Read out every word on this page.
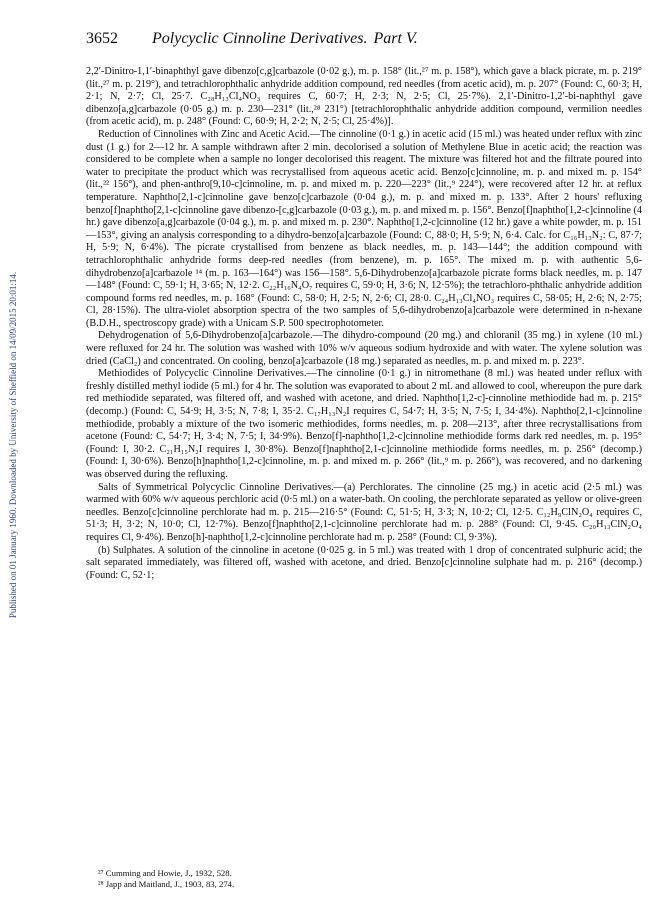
3652 Polycyclic Cinnoline Derivatives. Part V.
Published on 01 January 1960. Downloaded by University of Sheffield on 14/09/2015 20:01:14.

2,2′-Dinitro-1,1′-binaphthyl gave dibenzo[c,g]carbazole (0·02 g.), m. p. 158° (lit.,²⁷ m. p. 158°), which gave a black picrate, m. p. 219° (lit.,²⁷ m. p. 219°), and tetrachlorophthalic anhydride addition compound, red needles (from acetic acid), m. p. 207° (Found: C, 60·3; H, 2·1; N, 2·7; Cl, 25·7. C₂₈H₁₃Cl₄NO₃ requires C, 60·7; H, 2·3; N, 2·5; Cl, 25·7%). 2,1′-Dinitro-1,2′-bi-naphthyl gave dibenzo[a,g]carbazole (0·05 g.) m. p. 230—231° (lit.,²⁸ 231°) [tetrachlorophthalic anhydride addition compound, vermilion needles (from acetic acid), m. p. 248° (Found: C, 60·9; H, 2·2; N, 2·5; Cl, 25·4%)].

Reduction of Cinnolines with Zinc and Acetic Acid.—The cinnoline (0·1 g.) in acetic acid (15 ml.) was heated under reflux with zinc dust (1 g.) for 2—12 hr. A sample withdrawn after 2 min. decolorised a solution of Methylene Blue in acetic acid; the reaction was considered to be complete when a sample no longer decolorised this reagent. The mixture was filtered hot and the filtrate poured into water to precipitate the product which was recrystallised from aqueous acetic acid. Benzo[c]cinnoline, m. p. and mixed m. p. 154° (lit.,²² 156°), and phen-anthro[9,10-c]cinnoline, m. p. and mixed m. p. 220—223° (lit.,⁹ 224°), were recovered after 12 hr. at reflux temperature. Naphtho[2,1-c]cinnoline gave benzo[c]carbazole (0·04 g.), m. p. and mixed m. p. 133°. After 2 hours' refluxing benzo[f]naphtho[2,1-c]cinnoline gave dibenzo-[c,g]carbazole (0·03 g.), m. p. and mixed m. p. 156°. Benzo[f]naphtho[1,2-c]cinnoline (4 hr.) gave dibenzo[a,g]carbazole (0·04 g.), m. p. and mixed m. p. 230°. Naphtho[1,2-c]cinnoline (12 hr.) gave a white powder, m. p. 151—153°, giving an analysis corresponding to a dihydro-benzo[a]carbazole (Found: C, 88·0; H, 5·9; N, 6·4. Calc. for C₁₆H₁₃N₂: C, 87·7; H, 5·9; N, 6·4%). The picrate crystallised from benzene as black needles, m. p. 143—144°; the addition compound with tetrachlorophthalic anhydride forms deep-red needles (from benzene), m. p. 165°. The mixed m. p. with authentic 5,6-dihydrobenzo[a]carbazole ¹⁴ (m. p. 163—164°) was 156—158°. 5,6-Dihydrobenzo[a]carbazole picrate forms black needles, m. p. 147—148° (Found: C, 59·1; H, 3·65; N, 12·2. C₂₂H₁₆N₄O₇ requires C, 59·0; H, 3·6; N, 12·5%); the tetrachloro-phthalic anhydride addition compound forms red needles, m. p. 168° (Found: C, 58·0; H, 2·5; N, 2·6; Cl, 28·0. C₂₄H₁₃Cl₄NO₃ requires C, 58·05; H, 2·6; N, 2·75; Cl, 28·15%). The ultra-violet absorption spectra of the two samples of 5,6-dihydrobenzo[a]carbazole were determined in n-hexane (B.D.H., spectroscopy grade) with a Unicam S.P. 500 spectrophotometer.

Dehydrogenation of 5,6-Dihydrobenzo[a]carbazole.—The dihydro-compound (20 mg.) and chloranil (35 mg.) in xylene (10 ml.) were refluxed for 24 hr. The solution was washed with 10% w/v aqueous sodium hydroxide and with water. The xylene solution was dried (CaCl₂) and concentrated. On cooling, benzo[a]carbazole (18 mg.) separated as needles, m. p. and mixed m. p. 223°.

Methiodides of Polycyclic Cinnoline Derivatives.—The cinnoline (0·1 g.) in nitromethane (8 ml.) was heated under reflux with freshly distilled methyl iodide (5 ml.) for 4 hr. The solution was evaporated to about 2 ml. and allowed to cool, whereupon the pure dark red methiodide separated, was filtered off, and washed with acetone, and dried. Naphtho[1,2-c]-cinnoline methiodide had m. p. 215° (decomp.) (Found: C, 54·9; H, 3·5; N, 7·8; I, 35·2. C₁₇H₁₃N₂I requires C, 54·7; H, 3·5; N, 7·5; I, 34·4%). Naphtho[2,1-c]cinnoline methiodide, probably a mixture of the two isomeric methiodides, forms needles, m. p. 208—213°, after three recrystallisations from acetone (Found: C, 54·7; H, 3·4; N, 7·5; I, 34·9%). Benzo[f]-naphtho[1,2-c]cinnoline methiodide forms dark red needles, m. p. 195° (Found: I, 30·2. C₂₁H₁₅N₂I requires I, 30·8%). Benzo[f]naphtho[2,1-c]cinnoline methiodide forms needles, m. p. 256° (decomp.) (Found: I, 30·6%). Benzo[h]naphtho[1,2-c]cinnoline, m. p. and mixed m. p. 266° (lit.,⁹ m. p. 266°), was recovered, and no darkening was observed during the refluxing.

Salts of Symmetrical Polycyclic Cinnoline Derivatives.—(a) Perchlorates. The cinnoline (25 mg.) in acetic acid (2·5 ml.) was warmed with 60% w/v aqueous perchloric acid (0·5 ml.) on a water-bath. On cooling, the perchlorate separated as yellow or olive-green needles. Benzo[c]cinnoline perchlorate had m. p. 215—216·5° (Found: C, 51·5; H, 3·3; N, 10·2; Cl, 12·5. C₁₂H₉ClN₂O₄ requires C, 51·3; H, 3·2; N, 10·0; Cl, 12·7%). Benzo[f]naphtho[2,1-c]cinnoline perchlorate had m. p. 288° (Found: Cl, 9·45. C₂₀H₁₃ClN₂O₄ requires Cl, 9·4%). Benzo[h]-naphtho[1,2-c]cinnoline perchlorate had m. p. 258° (Found: Cl, 9·3%).

(b) Sulphates. A solution of the cinnoline in acetone (0·025 g. in 5 ml.) was treated with 1 drop of concentrated sulphuric acid; the salt separated immediately, was filtered off, washed with acetone, and dried. Benzo[c]cinnoline sulphate had m. p. 216° (decomp.) (Found: C, 52·1;

²⁷ Cumming and Howie, J., 1932, 528.

²⁸ Japp and Maitland, J., 1903, 83, 274.
